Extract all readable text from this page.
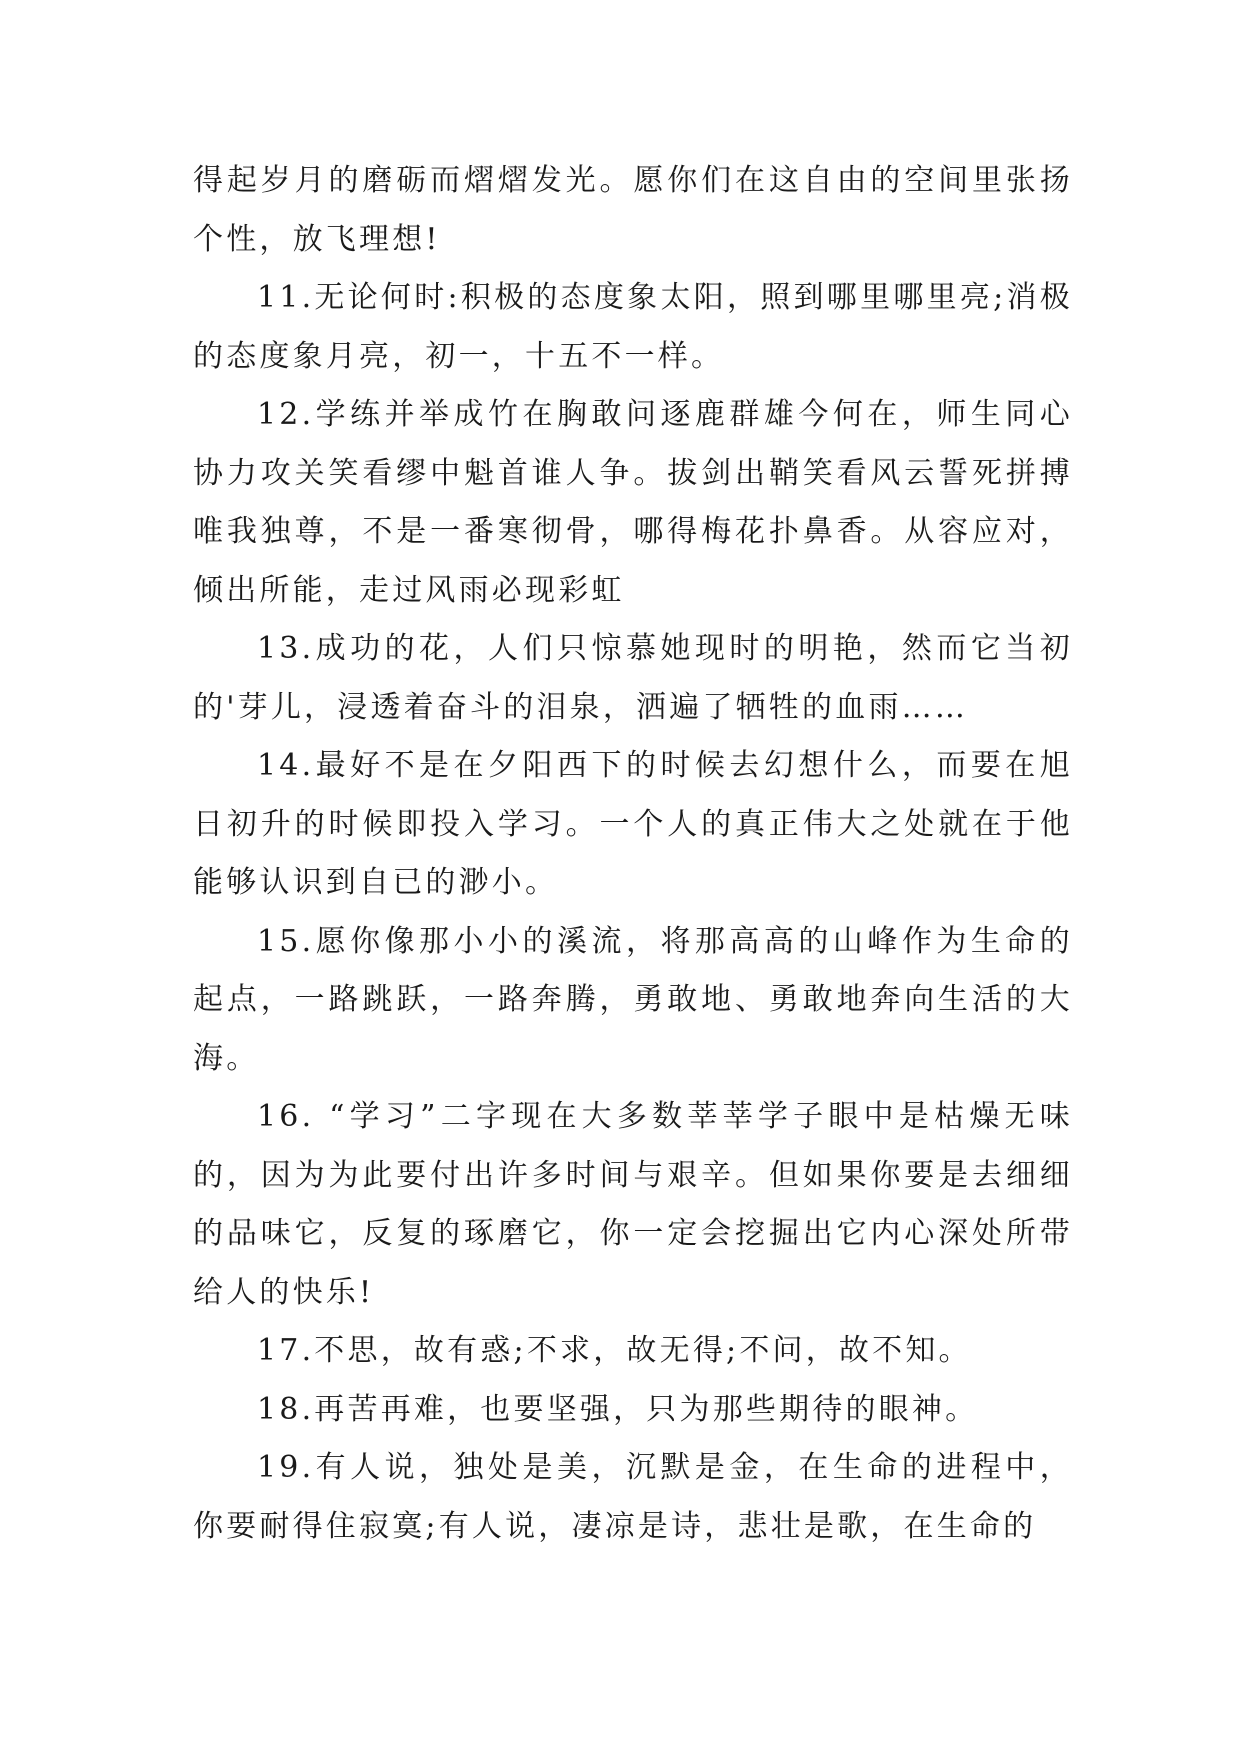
得起岁月的磨砺而熠熠发光。愿你们在这自由的空间里张扬个性，放飞理想!

11.无论何时:积极的态度象太阳，照到哪里哪里亮;消极的态度象月亮，初一，十五不一样。

12.学练并举成竹在胸敢问逐鹿群雄今何在，师生同心协力攻关笑看缪中魁首谁人争。拔剑出鞘笑看风云誓死拼搏唯我独尊，不是一番寒彻骨，哪得梅花扑鼻香。从容应对，倾出所能，走过风雨必现彩虹

13.成功的花，人们只惊慕她现时的明艳，然而它当初的'芽儿，浸透着奋斗的泪泉，洒遍了牺牲的血雨……

14.最好不是在夕阳西下的时候去幻想什么，而要在旭日初升的时候即投入学习。一个人的真正伟大之处就在于他能够认识到自已的渺小。

15.愿你像那小小的溪流，将那高高的山峰作为生命的起点，一路跳跃，一路奔腾，勇敢地、勇敢地奔向生活的大海。

16. “学习”二字现在大多数莘莘学子眼中是枯燥无味的，因为为此要付出许多时间与艰辛。但如果你要是去细细的品味它，反复的琢磨它，你一定会挖掘出它内心深处所带给人的快乐!

17.不思，故有惑;不求，故无得;不问，故不知。

18.再苦再难，也要坚强，只为那些期待的眼神。

19.有人说，独处是美，沉默是金，在生命的进程中，你要耐得住寂寞;有人说，凄凉是诗，悲壮是歌，在生命的
